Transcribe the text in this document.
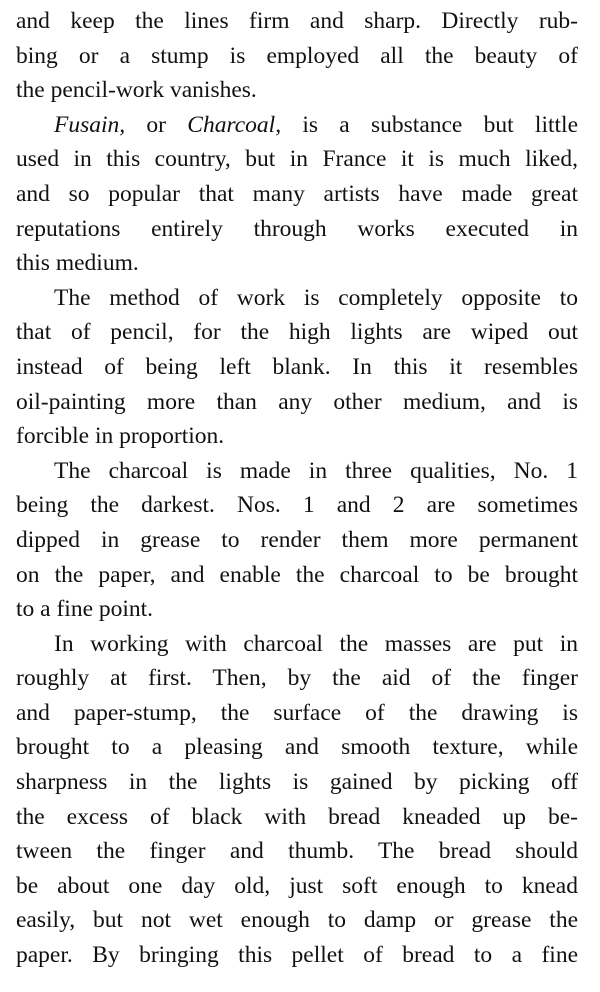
and keep the lines firm and sharp. Directly rub-
bing or a stump is employed all the beauty of
the pencil-work vanishes.
Fusain, or Charcoal, is a substance but little
used in this country, but in France it is much liked,
and so popular that many artists have made great
reputations entirely through works executed in
this medium.
The method of work is completely opposite to
that of pencil, for the high lights are wiped out
instead of being left blank. In this it resembles
oil-painting more than any other medium, and is
forcible in proportion.
The charcoal is made in three qualities, No. 1
being the darkest. Nos. 1 and 2 are sometimes
dipped in grease to render them more permanent
on the paper, and enable the charcoal to be brought
to a fine point.
In working with charcoal the masses are put in
roughly at first. Then, by the aid of the finger
and paper-stump, the surface of the drawing is
brought to a pleasing and smooth texture, while
sharpness in the lights is gained by picking off
the excess of black with bread kneaded up be-
tween the finger and thumb. The bread should
be about one day old, just soft enough to knead
easily, but not wet enough to damp or grease the
paper. By bringing this pellet of bread to a fine
